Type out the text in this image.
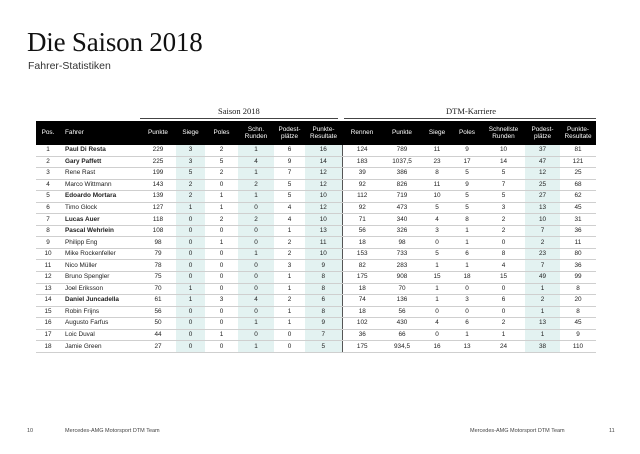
Die Saison 2018
Fahrer-Statistiken
Saison 2018	DTM-Karriere
Pos.	Fahrer	Punkte	Siege	Poles	Schn. Runden	Podest-plätze	Punkte-Resultate	Rennen	Punkte	Siege	Poles	Schnellste Runden	Podest-plätze	Punkte-Resultate
1	Paul Di Resta	229	3	2	1	6	16	124	789	11	9	10	37	81
2	Gary Paffett	225	3	5	4	9	14	183	1037,5	23	17	14	47	121
3	Rene Rast	199	5	2	1	7	12	39	386	8	5	5	12	25
4	Marco Wittmann	143	2	0	2	5	12	92	826	11	9	7	25	68
5	Edoardo Mortara	139	2	1	1	5	10	112	719	10	5	5	27	62
6	Timo Glock	127	1	1	0	4	12	92	473	5	5	3	13	45
7	Lucas Auer	118	0	2	2	4	10	71	340	4	8	2	10	31
8	Pascal Wehrlein	108	0	0	0	1	13	56	326	3	1	2	7	36
9	Philipp Eng	98	0	1	0	2	11	18	98	0	1	0	2	11
10	Mike Rockenfeller	79	0	0	1	2	10	153	733	5	6	8	23	80
11	Nico Müller	78	0	0	0	3	9	82	283	1	1	4	7	36
12	Bruno Spengler	75	0	0	0	1	8	175	908	15	18	15	49	99
13	Joel Eriksson	70	1	0	0	1	8	18	70	1	0	0	1	8
14	Daniel Juncadella	61	1	3	4	2	6	74	136	1	3	6	2	20
15	Robin Frijns	56	0	0	0	1	8	18	56	0	0	0	1	8
16	Augusto Farfus	50	0	0	1	1	9	102	430	4	6	2	13	45
17	Loic Duval	44	0	1	0	0	7	36	66	0	1	1	1	9
18	Jamie Green	27	0	0	1	0	5	175	934,5	16	13	24	38	110
10	Mercedes-AMG Motorsport DTM Team	Mercedes-AMG Motorsport DTM Team	11
